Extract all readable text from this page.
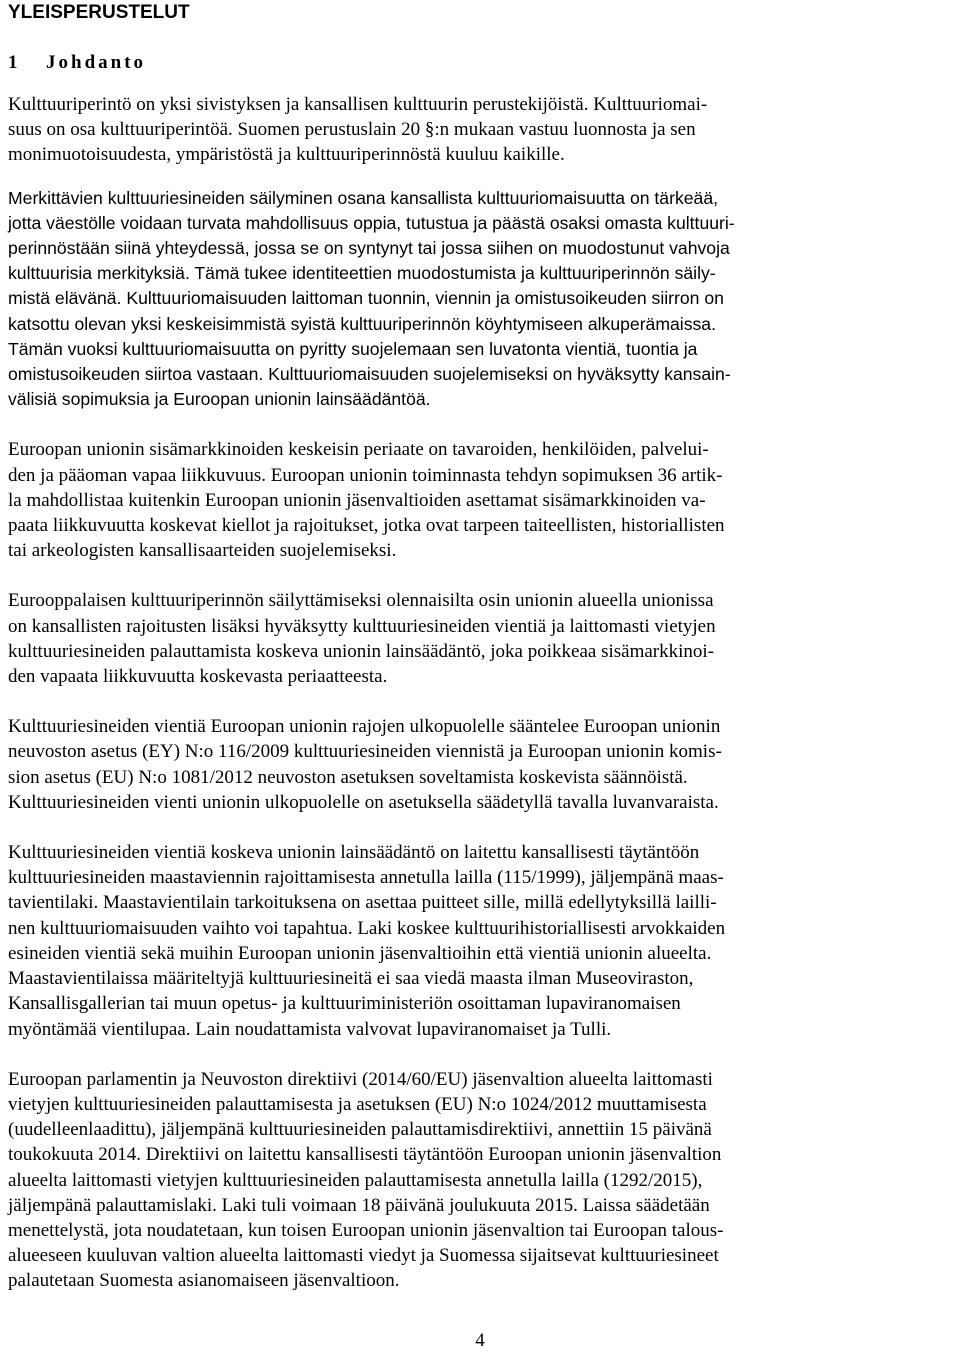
YLEISPERUSTELUT
1	Johdanto

Kulttuuriperintö on yksi sivistyksen ja kansallisen kulttuurin perustekijöistä. Kulttuuriomai-
suus on osa kulttuuriperintöä. Suomen perustuslain 20 §:n mukaan vastuu luonnosta ja sen
monimuotoisuudesta, ympäristöstä ja kulttuuriperinnöstä kuuluu kaikille.

Merkittävien kulttuuriesineiden säilyminen osana kansallista kulttuuriomaisuutta on tärkeää,
jotta väestölle voidaan turvata mahdollisuus oppia, tutustua ja päästä osaksi omasta kulttuuri-
perinnöstään siinä yhteydessä, jossa se on syntynyt tai jossa siihen on muodostunut vahvoja
kulttuurisia merkityksiä. Tämä tukee identiteettien muodostumista ja kulttuuriperinnön säily-
mistä elävänä. Kulttuuriomaisuuden laittoman tuonnin, viennin ja omistusoikeuden siirron on
katsottu olevan yksi keskeisimmistä syistä kulttuuriperinnön köyhtymiseen alkuperämaissa.
Tämän vuoksi kulttuuriomaisuutta on pyritty suojelemaan sen luvatonta vientiä, tuontia ja
omistusoikeuden siirtoa vastaan. Kulttuuriomaisuuden suojelemiseksi on hyväksytty kansain-
välisiä sopimuksia ja Euroopan unionin lainsäädäntöä.

Euroopan unionin sisämarkkinoiden keskeisin periaate on tavaroiden, henkilöiden, palvelui-
den ja pääoman vapaa liikkuvuus. Euroopan unionin toiminnasta tehdyn sopimuksen 36 artik-
la mahdollistaa kuitenkin Euroopan unionin jäsenvaltioiden asettamat sisämarkkinoiden va-
paata liikkuvuutta koskevat kiellot ja rajoitukset, jotka ovat tarpeen taiteellisten, historiallisten
tai arkeologisten kansallisaarteiden suojelemiseksi.

Eurooppalaisen kulttuuriperinnön säilyttämiseksi olennaisilta osin unionin alueella unionissa
on kansallisten rajoitusten lisäksi hyväksytty kulttuuriesineiden vientiä ja laittomasti vietyjen
kulttuuriesineiden palauttamista koskeva unionin lainsäädäntö, joka poikkeaa sisämarkkinoi-
den vapaata liikkuvuutta koskevasta periaatteesta.

Kulttuuriesineiden vientiä Euroopan unionin rajojen ulkopuolelle sääntelee Euroopan unionin
neuvoston asetus (EY) N:o 116/2009 kulttuuriesineiden viennistä ja Euroopan unionin komis-
sion asetus (EU) N:o 1081/2012 neuvoston asetuksen soveltamista koskevista säännöistä.
Kulttuuriesineiden vienti unionin ulkopuolelle on asetuksella säädetyllä tavalla luvanvaraista.

Kulttuuriesineiden vientiä koskeva unionin lainsäädäntö on laitettu kansallisesti täytäntöön
kulttuuriesineiden maastaviennin rajoittamisesta annetulla lailla (115/1999), jäljempänä maas-
tavientilaki. Maastavientilain tarkoituksena on asettaa puitteet sille, millä edellytyksillä lailli-
nen kulttuuriomaisuuden vaihto voi tapahtua. Laki koskee kulttuurihistoriallisesti arvokkaiden
esineiden vientiä sekä muihin Euroopan unionin jäsenvaltioihin että vientiä unionin alueelta.
Maastavientilaissa määriteltyjä kulttuuriesineitä ei saa viedä maasta ilman Museoviraston,
Kansallisgallerian tai muun opetus- ja kulttuuriministeriön osoittaman lupaviranomaisen
myöntämää vientilupaa. Lain noudattamista valvovat lupaviranomaiset ja Tulli.

Euroopan parlamentin ja Neuvoston direktiivi (2014/60/EU) jäsenvaltion alueelta laittomasti
vietyjen kulttuuriesineiden palauttamisesta ja asetuksen (EU) N:o 1024/2012 muuttamisesta
(uudelleenlaadittu), jäljempänä kulttuuriesineiden palauttamisdirektiivi, annettiin 15 päivänä
toukokuuta 2014. Direktiivi on laitettu kansallisesti täytäntöön Euroopan unionin jäsenvaltion
alueelta laittomasti vietyjen kulttuuriesineiden palauttamisesta annetulla lailla (1292/2015),
jäljempänä palauttamislaki. Laki tuli voimaan 18 päivänä joulukuuta 2015. Laissa säädetään
menettelystä, jota noudatetaan, kun toisen Euroopan unionin jäsenvaltion tai Euroopan talous-
alueeseen kuuluvan valtion alueelta laittomasti viedyt ja Suomessa sijaitsevat kulttuuriesineet
palautetaan Suomesta asianomaiseen jäsenvaltioon.

4
